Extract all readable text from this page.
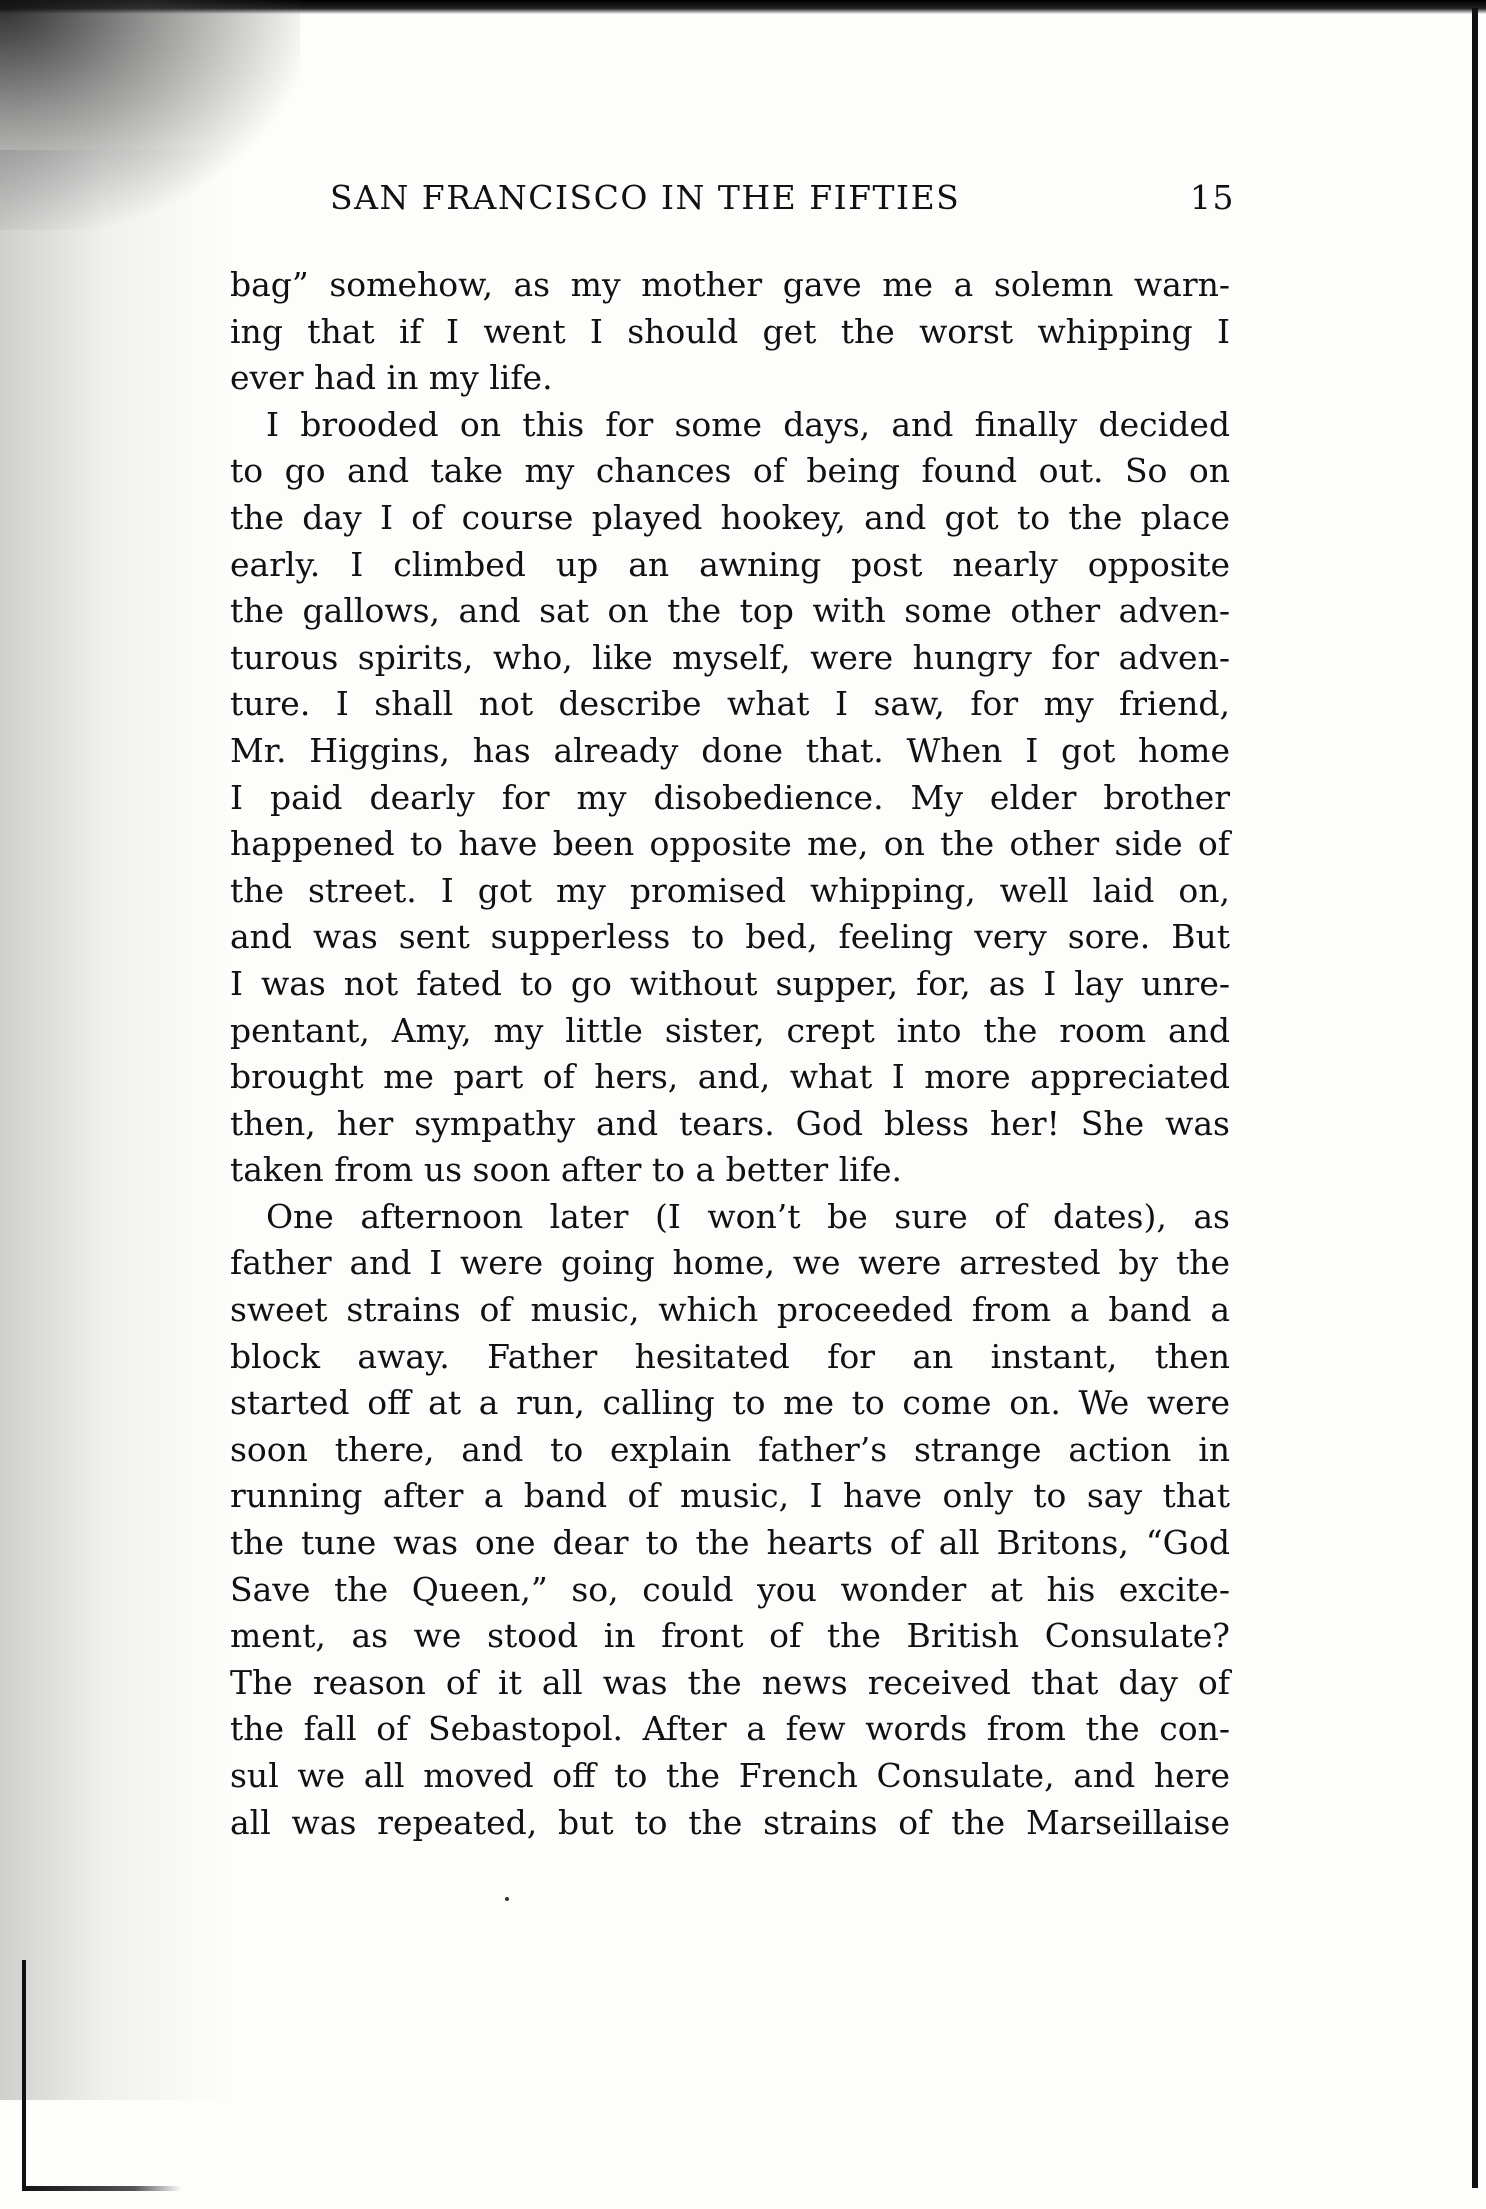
SAN FRANCISCO IN THE FIFTIES	15
bag” somehow, as my mother gave me a solemn warn-
ing that if I went I should get the worst whipping I
ever had in my life.
I brooded on this for some days, and finally decided
to go and take my chances of being found out. So on
the day I of course played hookey, and got to the place
early. I climbed up an awning post nearly opposite
the gallows, and sat on the top with some other adven-
turous spirits, who, like myself, were hungry for adven-
ture. I shall not describe what I saw, for my friend,
Mr. Higgins, has already done that. When I got home
I paid dearly for my disobedience. My elder brother
happened to have been opposite me, on the other side of
the street. I got my promised whipping, well laid on,
and was sent supperless to bed, feeling very sore. But
I was not fated to go without supper, for, as I lay unre-
pentant, Amy, my little sister, crept into the room and
brought me part of hers, and, what I more appreciated
then, her sympathy and tears. God bless her! She was
taken from us soon after to a better life.
One afternoon later (I won’t be sure of dates), as
father and I were going home, we were arrested by the
sweet strains of music, which proceeded from a band a
block away. Father hesitated for an instant, then
started off at a run, calling to me to come on. We were
soon there, and to explain father’s strange action in
running after a band of music, I have only to say that
the tune was one dear to the hearts of all Britons, “God
Save the Queen,” so, could you wonder at his excite-
ment, as we stood in front of the British Consulate?
The reason of it all was the news received that day of
the fall of Sebastopol. After a few words from the con-
sul we all moved off to the French Consulate, and here
all was repeated, but to the strains of the Marseillaise
